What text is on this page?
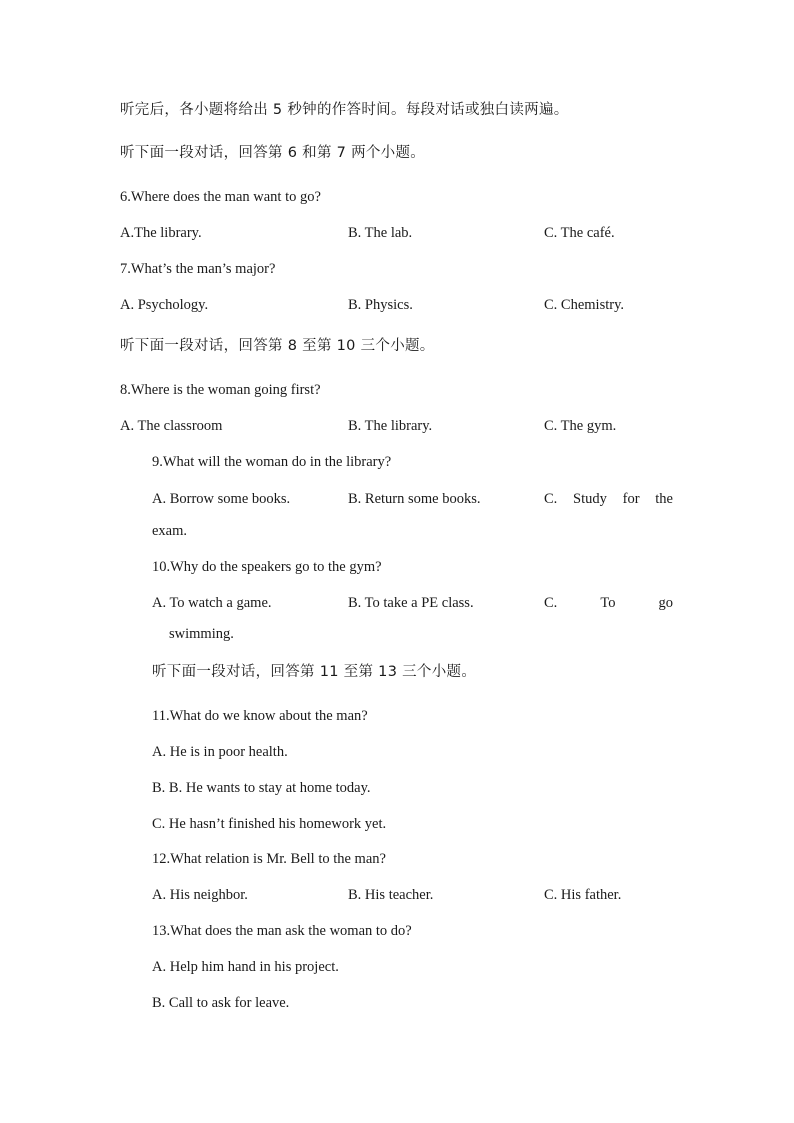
听完后，各小题将给出 5 秒钟的作答时间。每段对话或独白读两遍。
听下面一段对话，回答第 6 和第 7 两个小题。
6.Where does the man want to go?
A.The library.	B. The lab.	C. The café.
7.What’s the man’s major?
A. Psychology.	B. Physics.	C. Chemistry.
听下面一段对话，回答第 8 至第 10 三个小题。
8.Where is the woman going first?
A. The classroom	B. The library.	C. The gym.
9.What will the woman do in the library?
A. Borrow some books.	B. Return some books.	C. Study for the
exam.
10.Why do the speakers go to the gym?
A. To watch a game.	B. To take a PE class.	C.	To	go
swimming.
听下面一段对话，回答第 11 至第 13 三个小题。
11.What do we know about the man?
A. He is in poor health.
B. B. He wants to stay at home today.
C. He hasn’t finished his homework yet.
12.What relation is Mr. Bell to the man?
A. His neighbor.	B. His teacher.	C. His father.
13.What does the man ask the woman to do?
A. Help him hand in his project.
B. Call to ask for leave.
